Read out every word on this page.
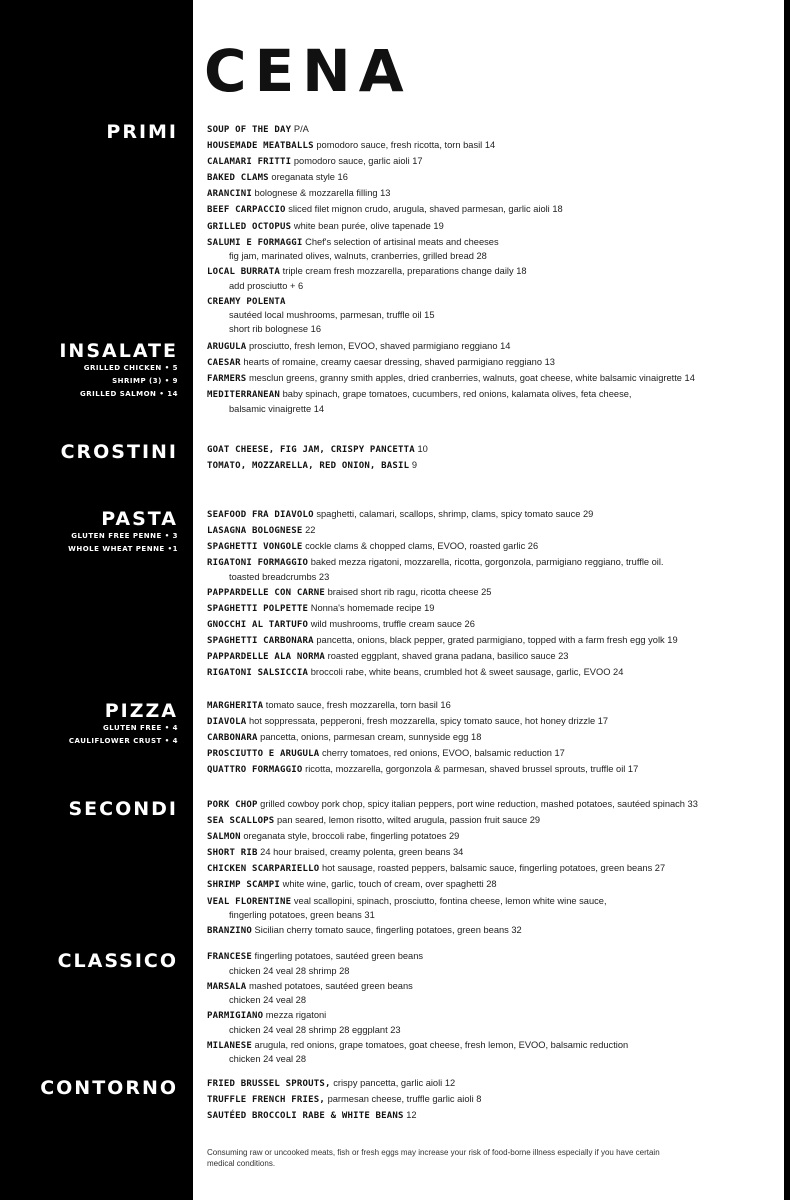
CENA
PRIMI	SOUP OF THE DAY P/A
HOUSEMADE MEATBALLS pomodoro sauce, fresh ricotta, torn basil 14
CALAMARI FRITTI pomodoro sauce, garlic aioli 17
BAKED CLAMS oreganata style 16
ARANCINI bolognese & mozzarella filling 13
BEEF CARPACCIO sliced filet mignon crudo, arugula, shaved parmesan, garlic aioli 18
GRILLED OCTOPUS white bean purée, olive tapenade 19
SALUMI E FORMAGGI Chef's selection of artisinal meats and cheeses
fig jam, marinated olives, walnuts, cranberries, grilled bread 28
LOCAL BURRATA triple cream fresh mozzarella, preparations change daily 18
add prosciutto + 6
CREAMY POLENTA
sautéed local mushrooms, parmesan, truffle oil 15
short rib bolognese 16
INSALATE
GRILLED CHICKEN • 5
SHRIMP (3) • 9
GRILLED SALMON • 14
ARUGULA prosciutto, fresh lemon, EVOO, shaved parmigiano reggiano 14
CAESAR hearts of romaine, creamy caesar dressing, shaved parmigiano reggiano 13
FARMERS mesclun greens, granny smith apples, dried cranberries, walnuts, goat cheese, white balsamic vinaigrette 14
MEDITERRANEAN baby spinach, grape tomatoes, cucumbers, red onions, kalamata olives, feta cheese,
balsamic vinaigrette 14
CROSTINI	GOAT CHEESE, FIG JAM, CRISPY PANCETTA 10
TOMATO, MOZZARELLA, RED ONION, BASIL 9
PASTA
GLUTEN FREE PENNE • 3
WHOLE WHEAT PENNE •1
SEAFOOD FRA DIAVOLO spaghetti, calamari, scallops, shrimp, clams, spicy tomato sauce 29
LASAGNA BOLOGNESE 22
SPAGHETTI VONGOLE cockle clams & chopped clams, EVOO, roasted garlic 26
RIGATONI FORMAGGIO baked mezza rigatoni, mozzarella, ricotta, gorgonzola, parmigiano reggiano, truffle oil.
toasted breadcrumbs 23
PAPPARDELLE CON CARNE braised short rib ragu, ricotta cheese 25
SPAGHETTI POLPETTE Nonna's homemade recipe 19
GNOCCHI AL TARTUFO wild mushrooms, truffle cream sauce 26
SPAGHETTI CARBONARA pancetta, onions, black pepper, grated parmigiano, topped with a farm fresh egg yolk 19
PAPPARDELLE ALA NORMA roasted eggplant, shaved grana padana, basilico sauce 23
RIGATONI SALSICCIA broccoli rabe, white beans, crumbled hot & sweet sausage, garlic, EVOO 24
PIZZA
GLUTEN FREE • 4
CAULIFLOWER CRUST • 4
MARGHERITA tomato sauce, fresh mozzarella, torn basil 16
DIAVOLA hot soppressata, pepperoni, fresh mozzarella, spicy tomato sauce, hot honey drizzle 17
CARBONARA pancetta, onions, parmesan cream, sunnyside egg 18
PROSCIUTTO E ARUGULA cherry tomatoes, red onions, EVOO, balsamic reduction 17
QUATTRO FORMAGGIO ricotta, mozzarella, gorgonzola & parmesan, shaved brussel sprouts, truffle oil 17
SECONDI	PORK CHOP grilled cowboy pork chop, spicy italian peppers, port wine reduction, mashed potatoes, sautéed spinach 33
SEA SCALLOPS pan seared, lemon risotto, wilted arugula, passion fruit sauce 29
SALMON oreganata style, broccoli rabe, fingerling potatoes 29
SHORT RIB 24 hour braised, creamy polenta, green beans 34
CHICKEN SCARPARIELLO hot sausage, roasted peppers, balsamic sauce, fingerling potatoes, green beans 27
SHRIMP SCAMPI white wine, garlic, touch of cream, over spaghetti 28
VEAL FLORENTINE veal scallopini, spinach, prosciutto, fontina cheese, lemon white wine sauce,
fingerling potatoes, green beans 31
BRANZINO Sicilian cherry tomato sauce, fingerling potatoes, green beans 32
CLASSICO	FRANCESE fingerling potatoes, sautéed green beans
chicken 24 veal 28 shrimp 28
MARSALA mashed potatoes, sautéed green beans
chicken 24 veal 28
PARMIGIANO mezza rigatoni
chicken 24 veal 28 shrimp 28 eggplant 23
MILANESE arugula, red onions, grape tomatoes, goat cheese, fresh lemon, EVOO, balsamic reduction
chicken 24 veal 28
CONTORNO	FRIED BRUSSEL SPROUTS, crispy pancetta, garlic aioli 12
TRUFFLE FRENCH FRIES, parmesan cheese, truffle garlic aioli 8
SAUTÉED BROCCOLI RABE & WHITE BEANS 12
Consuming raw or uncooked meats, fish or fresh eggs may increase your risk of food-borne illness especially if you have certain medical conditions.
